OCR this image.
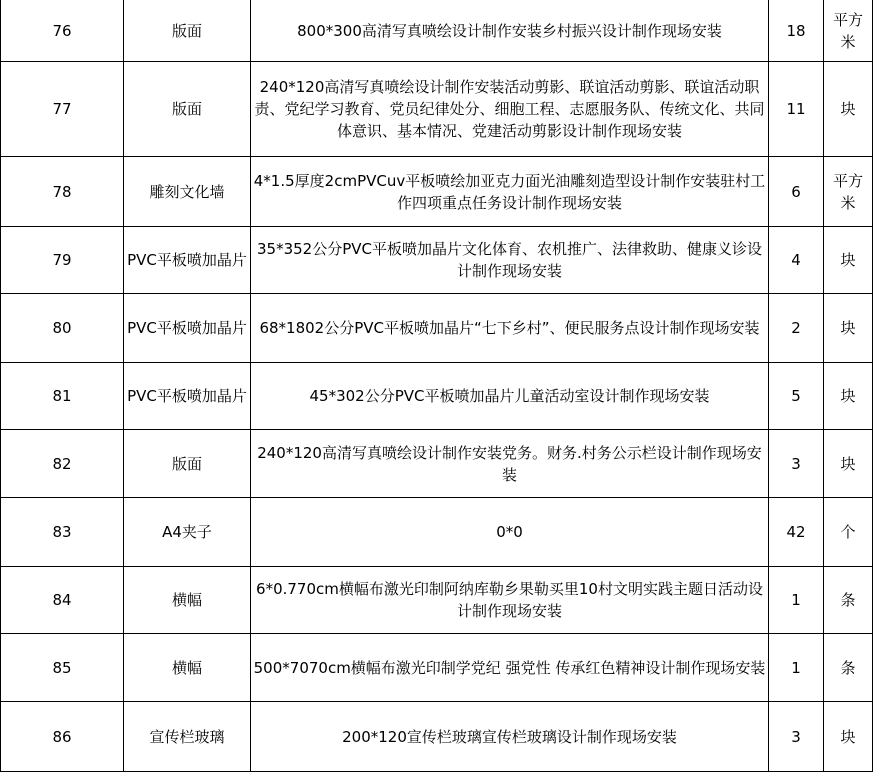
76	版面	800*300高清写真喷绘设计制作安装乡村振兴设计制作现场安装	18	平方米
77	版面	240*120高清写真喷绘设计制作安装活动剪影、联谊活动剪影、联谊活动职责、党纪学习教育、党员纪律处分、细胞工程、志愿服务队、传统文化、共同体意识、基本情况、党建活动剪影设计制作现场安装	11	块
78	雕刻文化墙	4*1.5厚度2cmPVCuv平板喷绘加亚克力面光油雕刻造型设计制作安装驻村工作四项重点任务设计制作现场安装	6	平方米
79	PVC平板喷加晶片	35*352公分PVC平板喷加晶片文化体育、农机推广、法律救助、健康义诊设计制作现场安装	4	块
80	PVC平板喷加晶片	68*1802公分PVC平板喷加晶片“七下乡村”、便民服务点设计制作现场安装	2	块
81	PVC平板喷加晶片	45*302公分PVC平板喷加晶片儿童活动室设计制作现场安装	5	块
82	版面	240*120高清写真喷绘设计制作安装党务。财务.村务公示栏设计制作现场安装	3	块
83	A4夹子	0*0	42	个
84	横幅	6*0.770cm横幅布激光印制阿纳库勒乡果勒买里10村文明实践主题日活动设计制作现场安装	1	条
85	横幅	500*7070cm横幅布激光印制学党纪 强党性 传承红色精神设计制作现场安装	1	条
86	宣传栏玻璃	200*120宣传栏玻璃宣传栏玻璃设计制作现场安装	3	块
